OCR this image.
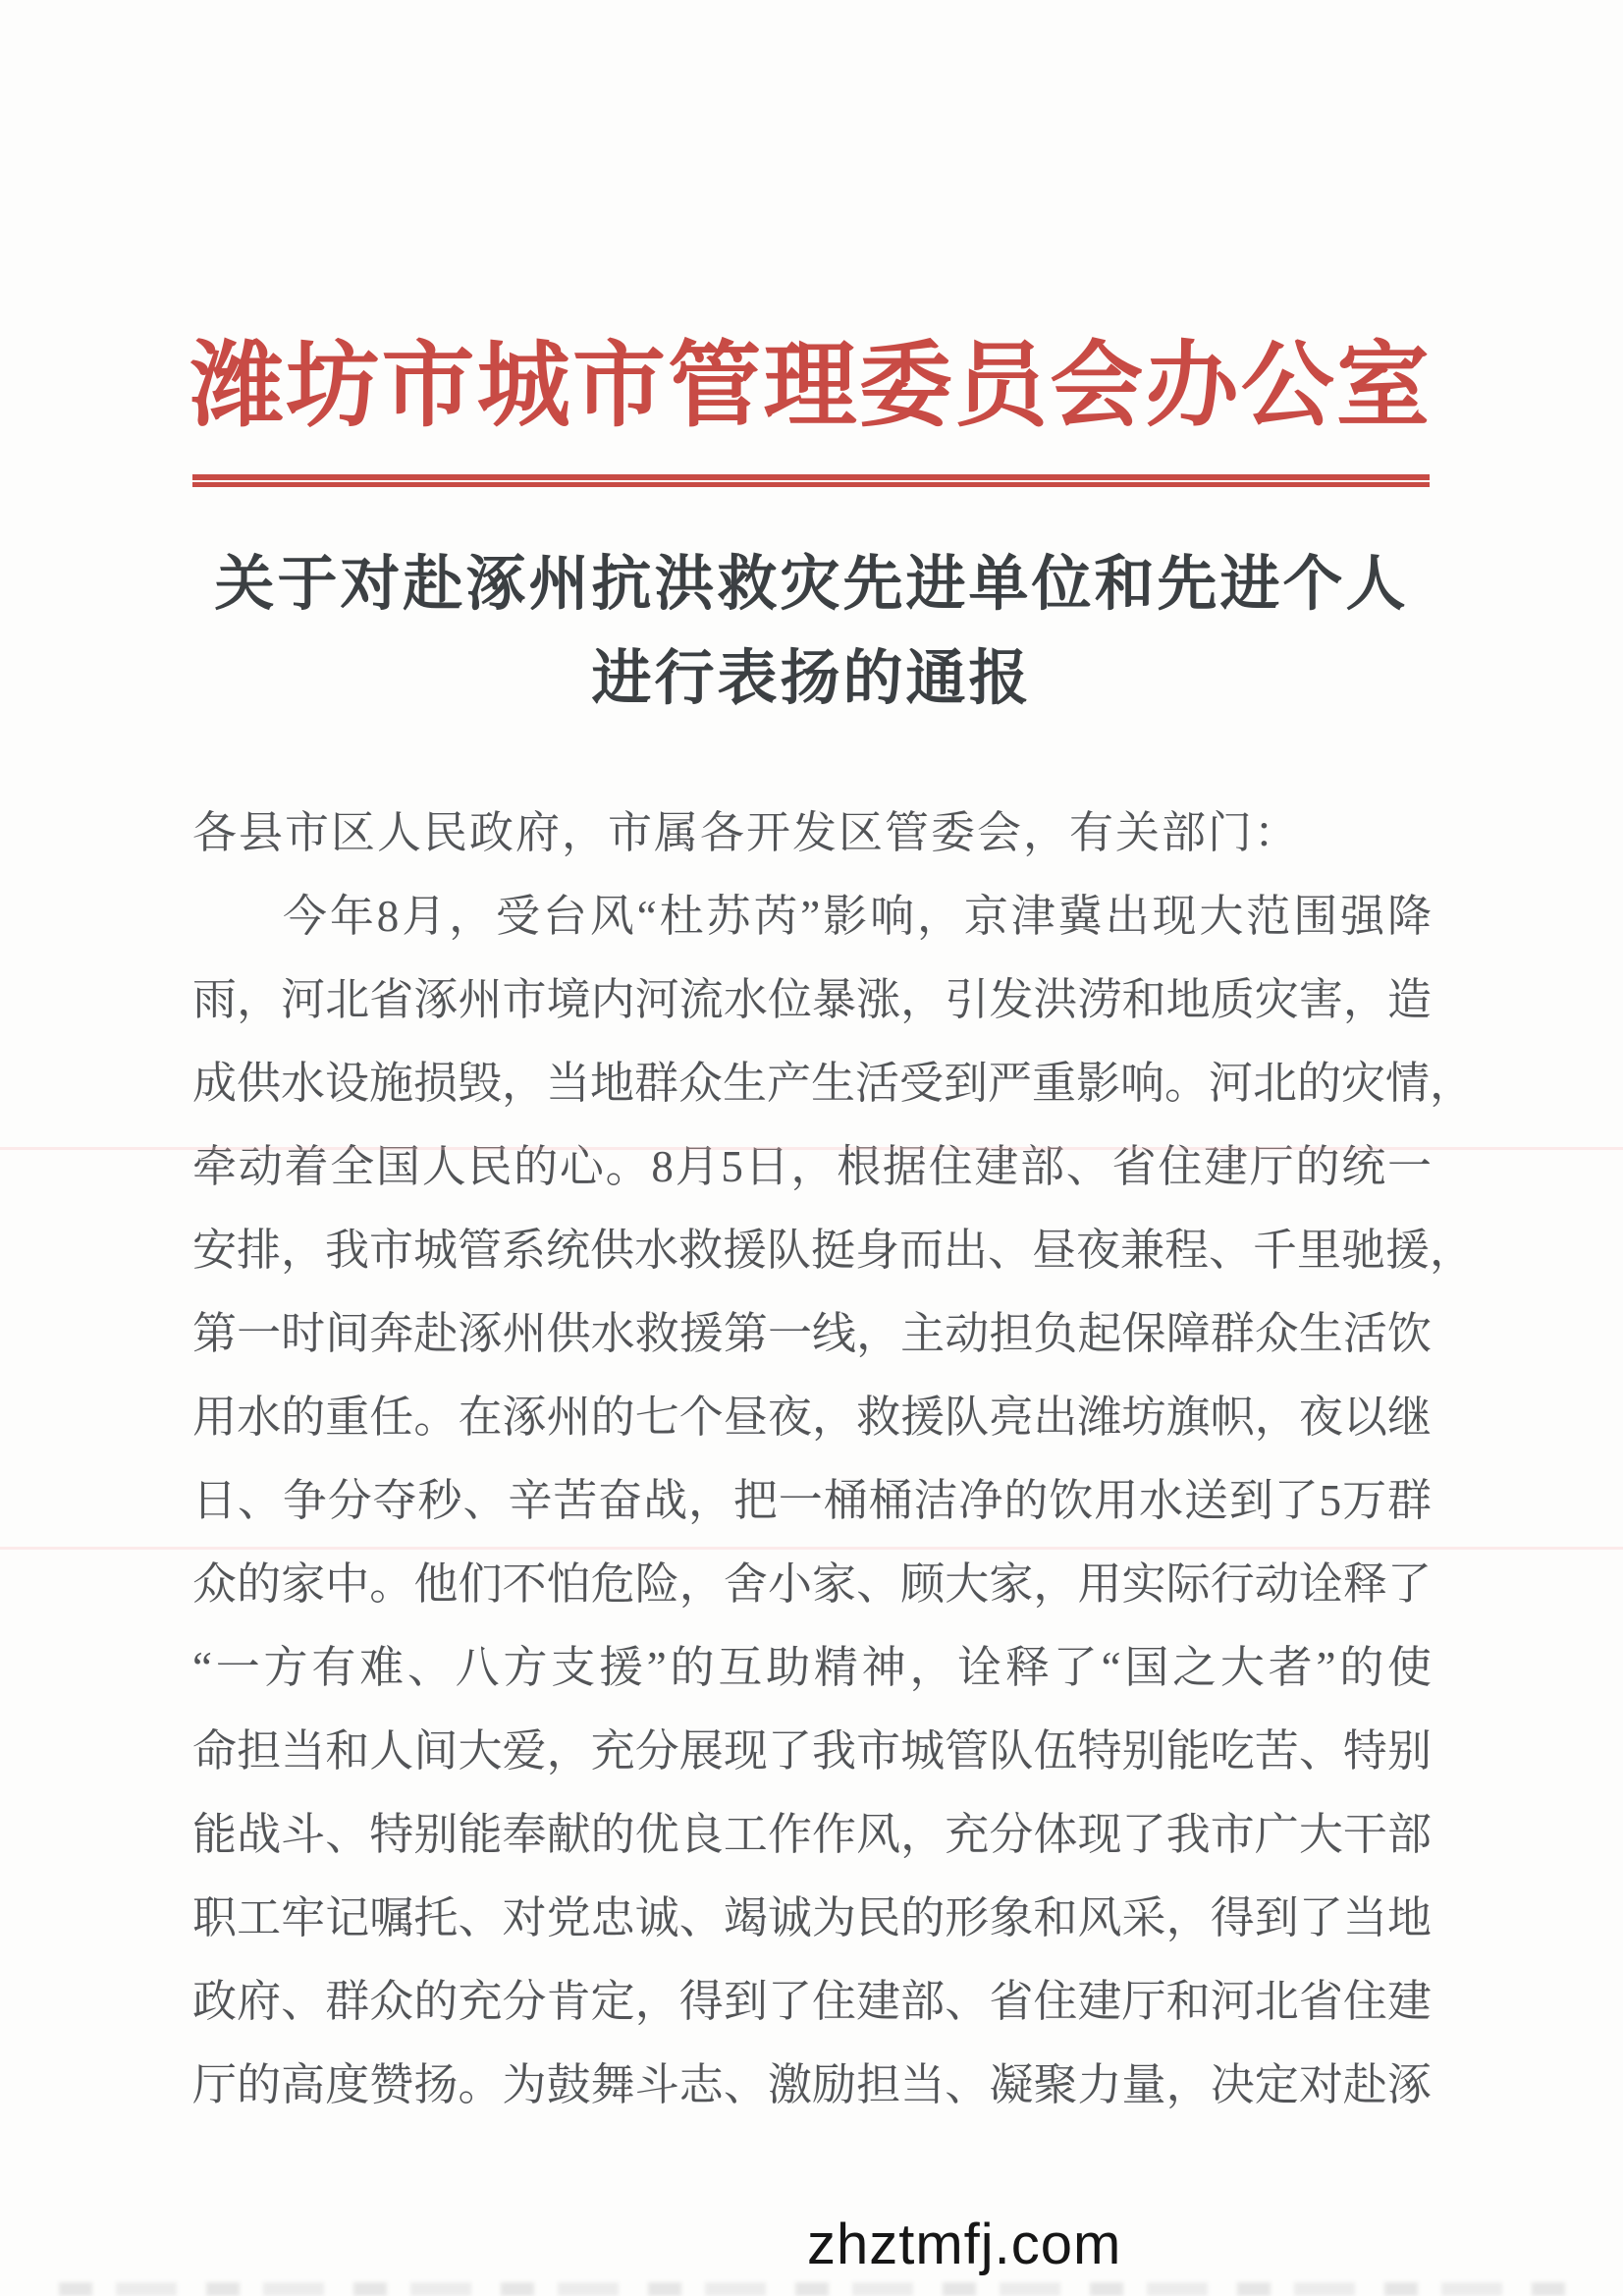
潍坊市城市管理委员会办公室
关于对赴涿州抗洪救灾先进单位和先进个人
进行表扬的通报
各县市区人民政府，市属各开发区管委会，有关部门：
今年8月，受台风“杜苏芮”影响，京津冀出现大范围强降
雨，河北省涿州市境内河流水位暴涨，引发洪涝和地质灾害，造
成供水设施损毁，当地群众生产生活受到严重影响。河北的灾情，
牵动着全国人民的心。8月5日，根据住建部、省住建厅的统一
安排，我市城管系统供水救援队挺身而出、昼夜兼程、千里驰援，
第一时间奔赴涿州供水救援第一线，主动担负起保障群众生活饮
用水的重任。在涿州的七个昼夜，救援队亮出潍坊旗帜，夜以继
日、争分夺秒、辛苦奋战，把一桶桶洁净的饮用水送到了5万群
众的家中。他们不怕危险，舍小家、顾大家，用实际行动诠释了
“一方有难、八方支援”的互助精神，诠释了“国之大者”的使
命担当和人间大爱，充分展现了我市城管队伍特别能吃苦、特别
能战斗、特别能奉献的优良工作作风，充分体现了我市广大干部
职工牢记嘱托、对党忠诚、竭诚为民的形象和风采，得到了当地
政府、群众的充分肯定，得到了住建部、省住建厅和河北省住建
厅的高度赞扬。为鼓舞斗志、激励担当、凝聚力量，决定对赴涿
zhztmfj.com
